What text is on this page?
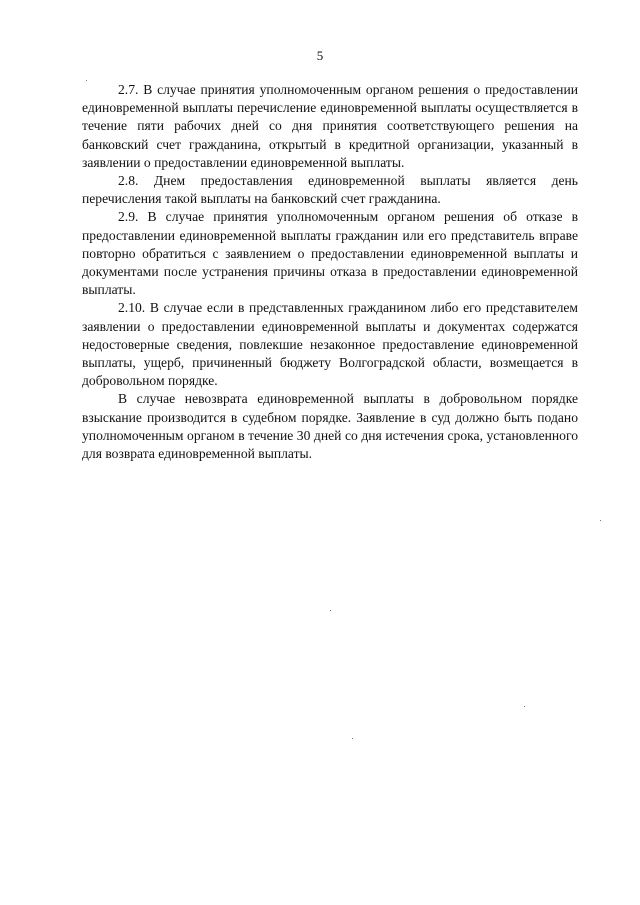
5

2.7. В случае принятия уполномоченным органом решения о предоставлении единовременной выплаты перечисление единовременной выплаты осуществляется в течение пяти рабочих дней со дня принятия соответствующего решения на банковский счет гражданина, открытый в кредитной организации, указанный в заявлении о предоставлении единовременной выплаты.

2.8. Днем предоставления единовременной выплаты является день перечисления такой выплаты на банковский счет гражданина.

2.9. В случае принятия уполномоченным органом решения об отказе в предоставлении единовременной выплаты гражданин или его представитель вправе повторно обратиться с заявлением о предоставлении единовременной выплаты и документами после устранения причины отказа в предоставлении единовременной выплаты.

2.10. В случае если в представленных гражданином либо его представителем заявлении о предоставлении единовременной выплаты и документах содержатся недостоверные сведения, повлекшие незаконное предоставление единовременной выплаты, ущерб, причиненный бюджету Волгоградской области, возмещается в добровольном порядке.

В случае невозврата единовременной выплаты в добровольном порядке взыскание производится в судебном порядке. Заявление в суд должно быть подано уполномоченным органом в течение 30 дней со дня истечения срока, установленного для возврата единовременной выплаты.
